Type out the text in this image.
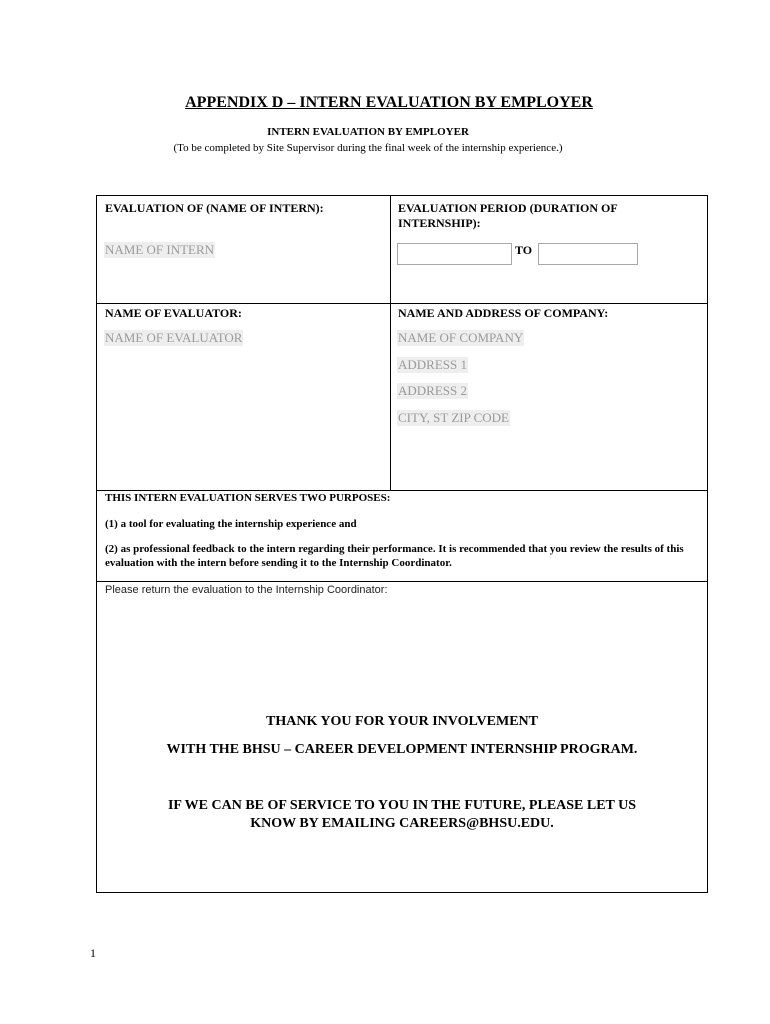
APPENDIX D – INTERN EVALUATION BY EMPLOYER
INTERN EVALUATION BY EMPLOYER
(To be completed by Site Supervisor during the final week of the internship experience.)
EVALUATION OF (NAME OF INTERN):
NAME OF INTERN
EVALUATION PERIOD (DURATION OF
INTERNSHIP):
TO
NAME OF EVALUATOR:
NAME OF EVALUATOR
NAME AND ADDRESS OF COMPANY:
NAME OF COMPANY
ADDRESS 1
ADDRESS 2
CITY, ST ZIP CODE
THIS INTERN EVALUATION SERVES TWO PURPOSES:
(1) a tool for evaluating the internship experience and
(2) as professional feedback to the intern regarding their performance. It is recommended that you review the results of this evaluation with the intern before sending it to the Internship Coordinator.
Please return the evaluation to the Internship Coordinator:
THANK YOU FOR YOUR INVOLVEMENT
WITH THE BHSU – CAREER DEVELOPMENT INTERNSHIP PROGRAM.
IF WE CAN BE OF SERVICE TO YOU IN THE FUTURE, PLEASE LET US
KNOW BY EMAILING CAREERS@BHSU.EDU.
1
